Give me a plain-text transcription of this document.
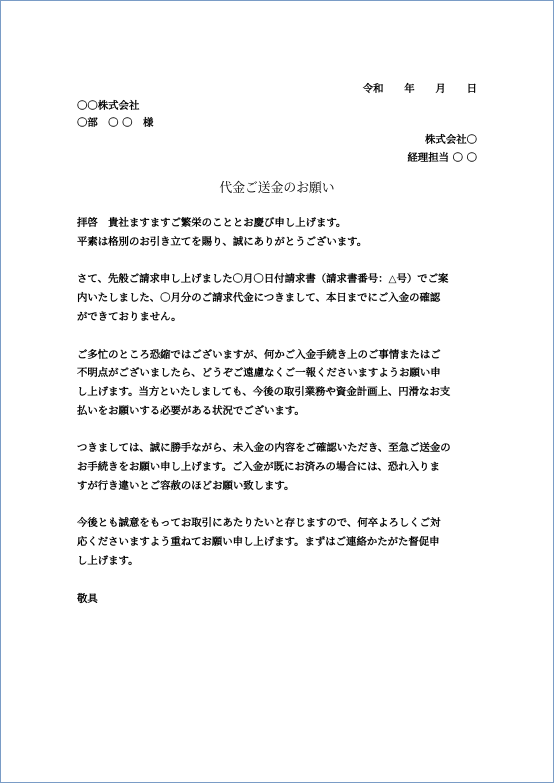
令和　　年　　月　　日
〇〇株式会社
〇部　〇 〇　様
株式会社〇
経理担当 〇 〇
代金ご送金のお願い

拝啓　貴社ますますご繁栄のこととお慶び申し上げます。
平素は格別のお引き立てを賜り、誠にありがとうございます。

さて、先般ご請求申し上げました〇月〇日付請求書（請求書番号：△号）でご案
内いたしました、〇月分のご請求代金につきまして、本日までにご入金の確認
ができておりません。

ご多忙のところ恐縮ではございますが、何かご入金手続き上のご事情またはご
不明点がございましたら、どうぞご遠慮なくご一報くださいますようお願い申
し上げます。当方といたしましても、今後の取引業務や資金計画上、円滑なお支
払いをお願いする必要がある状況でございます。

つきましては、誠に勝手ながら、未入金の内容をご確認いただき、至急ご送金の
お手続きをお願い申し上げます。ご入金が既にお済みの場合には、恐れ入りま
すが行き違いとご容赦のほどお願い致します。

今後とも誠意をもってお取引にあたりたいと存じますので、何卒よろしくご対
応くださいますよう重ねてお願い申し上げます。まずはご連絡かたがた督促申
し上げます。

敬具
